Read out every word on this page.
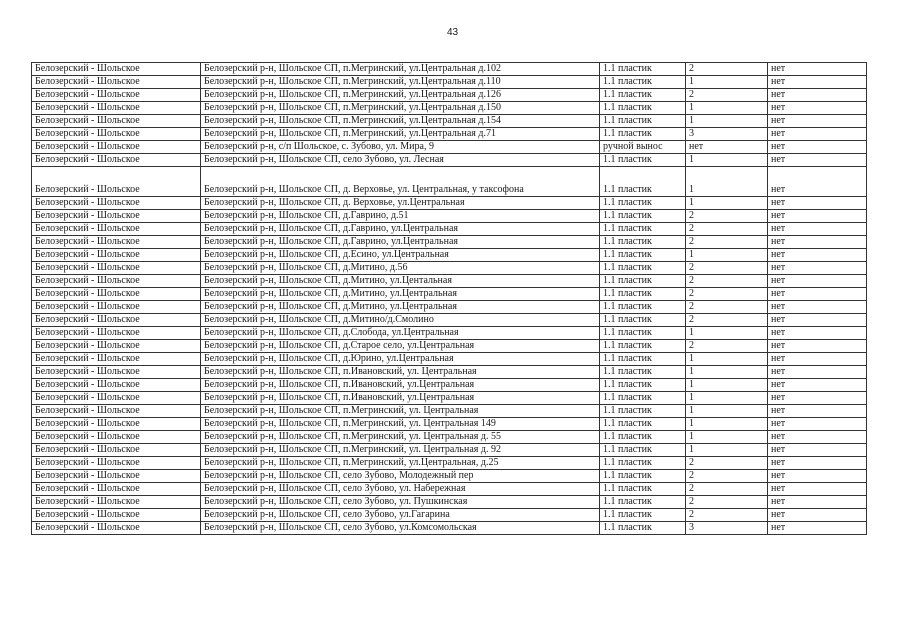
43
Белозерский - Шольское	Белозерский р-н, Шольское СП, п.Мегринский, ул.Центральная д.102	1.1 пластик	2	нет
Белозерский - Шольское	Белозерский р-н, Шольское СП, п.Мегринский, ул.Центральная д.110	1.1 пластик	1	нет
Белозерский - Шольское	Белозерский р-н, Шольское СП, п.Мегринский, ул.Центральная д.126	1.1 пластик	2	нет
Белозерский - Шольское	Белозерский р-н, Шольское СП, п.Мегринский, ул.Центральная д.150	1.1 пластик	1	нет
Белозерский - Шольское	Белозерский р-н, Шольское СП, п.Мегринский, ул.Центральная д.154	1.1 пластик	1	нет
Белозерский - Шольское	Белозерский р-н, Шольское СП, п.Мегринский, ул.Центральная д.71	1.1 пластик	3	нет
Белозерский - Шольское	Белозерский р-н, с/п Шольское, с. Зубово, ул. Мира, 9	ручной вынос	нет	нет
Белозерский - Шольское	Белозерский р-н, Шольское СП, село Зубово, ул. Лесная	1.1 пластик	1	нет
Белозерский - Шольское	Белозерский р-н, Шольское СП, д. Верховье, ул. Центральная, у таксофона	1.1 пластик	1	нет
Белозерский - Шольское	Белозерский р-н, Шольское СП, д. Верховье, ул.Центральная	1.1 пластик	1	нет
Белозерский - Шольское	Белозерский р-н, Шольское СП, д.Гаврино, д.51	1.1 пластик	2	нет
Белозерский - Шольское	Белозерский р-н, Шольское СП, д.Гаврино, ул.Центральная	1.1 пластик	2	нет
Белозерский - Шольское	Белозерский р-н, Шольское СП, д.Гаврино, ул.Центральная	1.1 пластик	2	нет
Белозерский - Шольское	Белозерский р-н, Шольское СП, д.Есино, ул.Центральная	1.1 пластик	1	нет
Белозерский - Шольское	Белозерский р-н, Шольское СП, д.Митино, д.56	1.1 пластик	2	нет
Белозерский - Шольское	Белозерский р-н, Шольское СП, д.Митино, ул.Центальная	1.1 пластик	2	нет
Белозерский - Шольское	Белозерский р-н, Шольское СП, д.Митино, ул.Центральная	1.1 пластик	2	нет
Белозерский - Шольское	Белозерский р-н, Шольское СП, д.Митино, ул.Центральная	1.1 пластик	2	нет
Белозерский - Шольское	Белозерский р-н, Шольское СП, д.Митино/д.Смолино	1.1 пластик	2	нет
Белозерский - Шольское	Белозерский р-н, Шольское СП, д.Слобода, ул.Центральная	1.1 пластик	1	нет
Белозерский - Шольское	Белозерский р-н, Шольское СП, д.Старое село, ул.Центральная	1.1 пластик	2	нет
Белозерский - Шольское	Белозерский р-н, Шольское СП, д.Юрино, ул.Центральная	1.1 пластик	1	нет
Белозерский - Шольское	Белозерский р-н, Шольское СП, п.Ивановский, ул. Центральная	1.1 пластик	1	нет
Белозерский - Шольское	Белозерский р-н, Шольское СП, п.Ивановский, ул.Центральная	1.1 пластик	1	нет
Белозерский - Шольское	Белозерский р-н, Шольское СП, п.Ивановский, ул.Центральная	1.1 пластик	1	нет
Белозерский - Шольское	Белозерский р-н, Шольское СП, п.Мегринский, ул. Центральная	1.1 пластик	1	нет
Белозерский - Шольское	Белозерский р-н, Шольское СП, п.Мегринский, ул. Центральная 149	1.1 пластик	1	нет
Белозерский - Шольское	Белозерский р-н, Шольское СП, п.Мегринский, ул. Центральная д. 55	1.1 пластик	1	нет
Белозерский - Шольское	Белозерский р-н, Шольское СП, п.Мегринский, ул. Центральная д. 92	1.1 пластик	1	нет
Белозерский - Шольское	Белозерский р-н, Шольское СП, п.Мегринский, ул.Центральная, д.25	1.1 пластик	2	нет
Белозерский - Шольское	Белозерский р-н, Шольское СП, село Зубово, Молодежный пер	1.1 пластик	2	нет
Белозерский - Шольское	Белозерский р-н, Шольское СП, село Зубово, ул. Набережная	1.1 пластик	2	нет
Белозерский - Шольское	Белозерский р-н, Шольское СП, село Зубово, ул. Пушкинская	1.1 пластик	2	нет
Белозерский - Шольское	Белозерский р-н, Шольское СП, село Зубово, ул.Гагарина	1.1 пластик	2	нет
Белозерский - Шольское	Белозерский р-н, Шольское СП, село Зубово, ул.Комсомольская	1.1 пластик	3	нет
